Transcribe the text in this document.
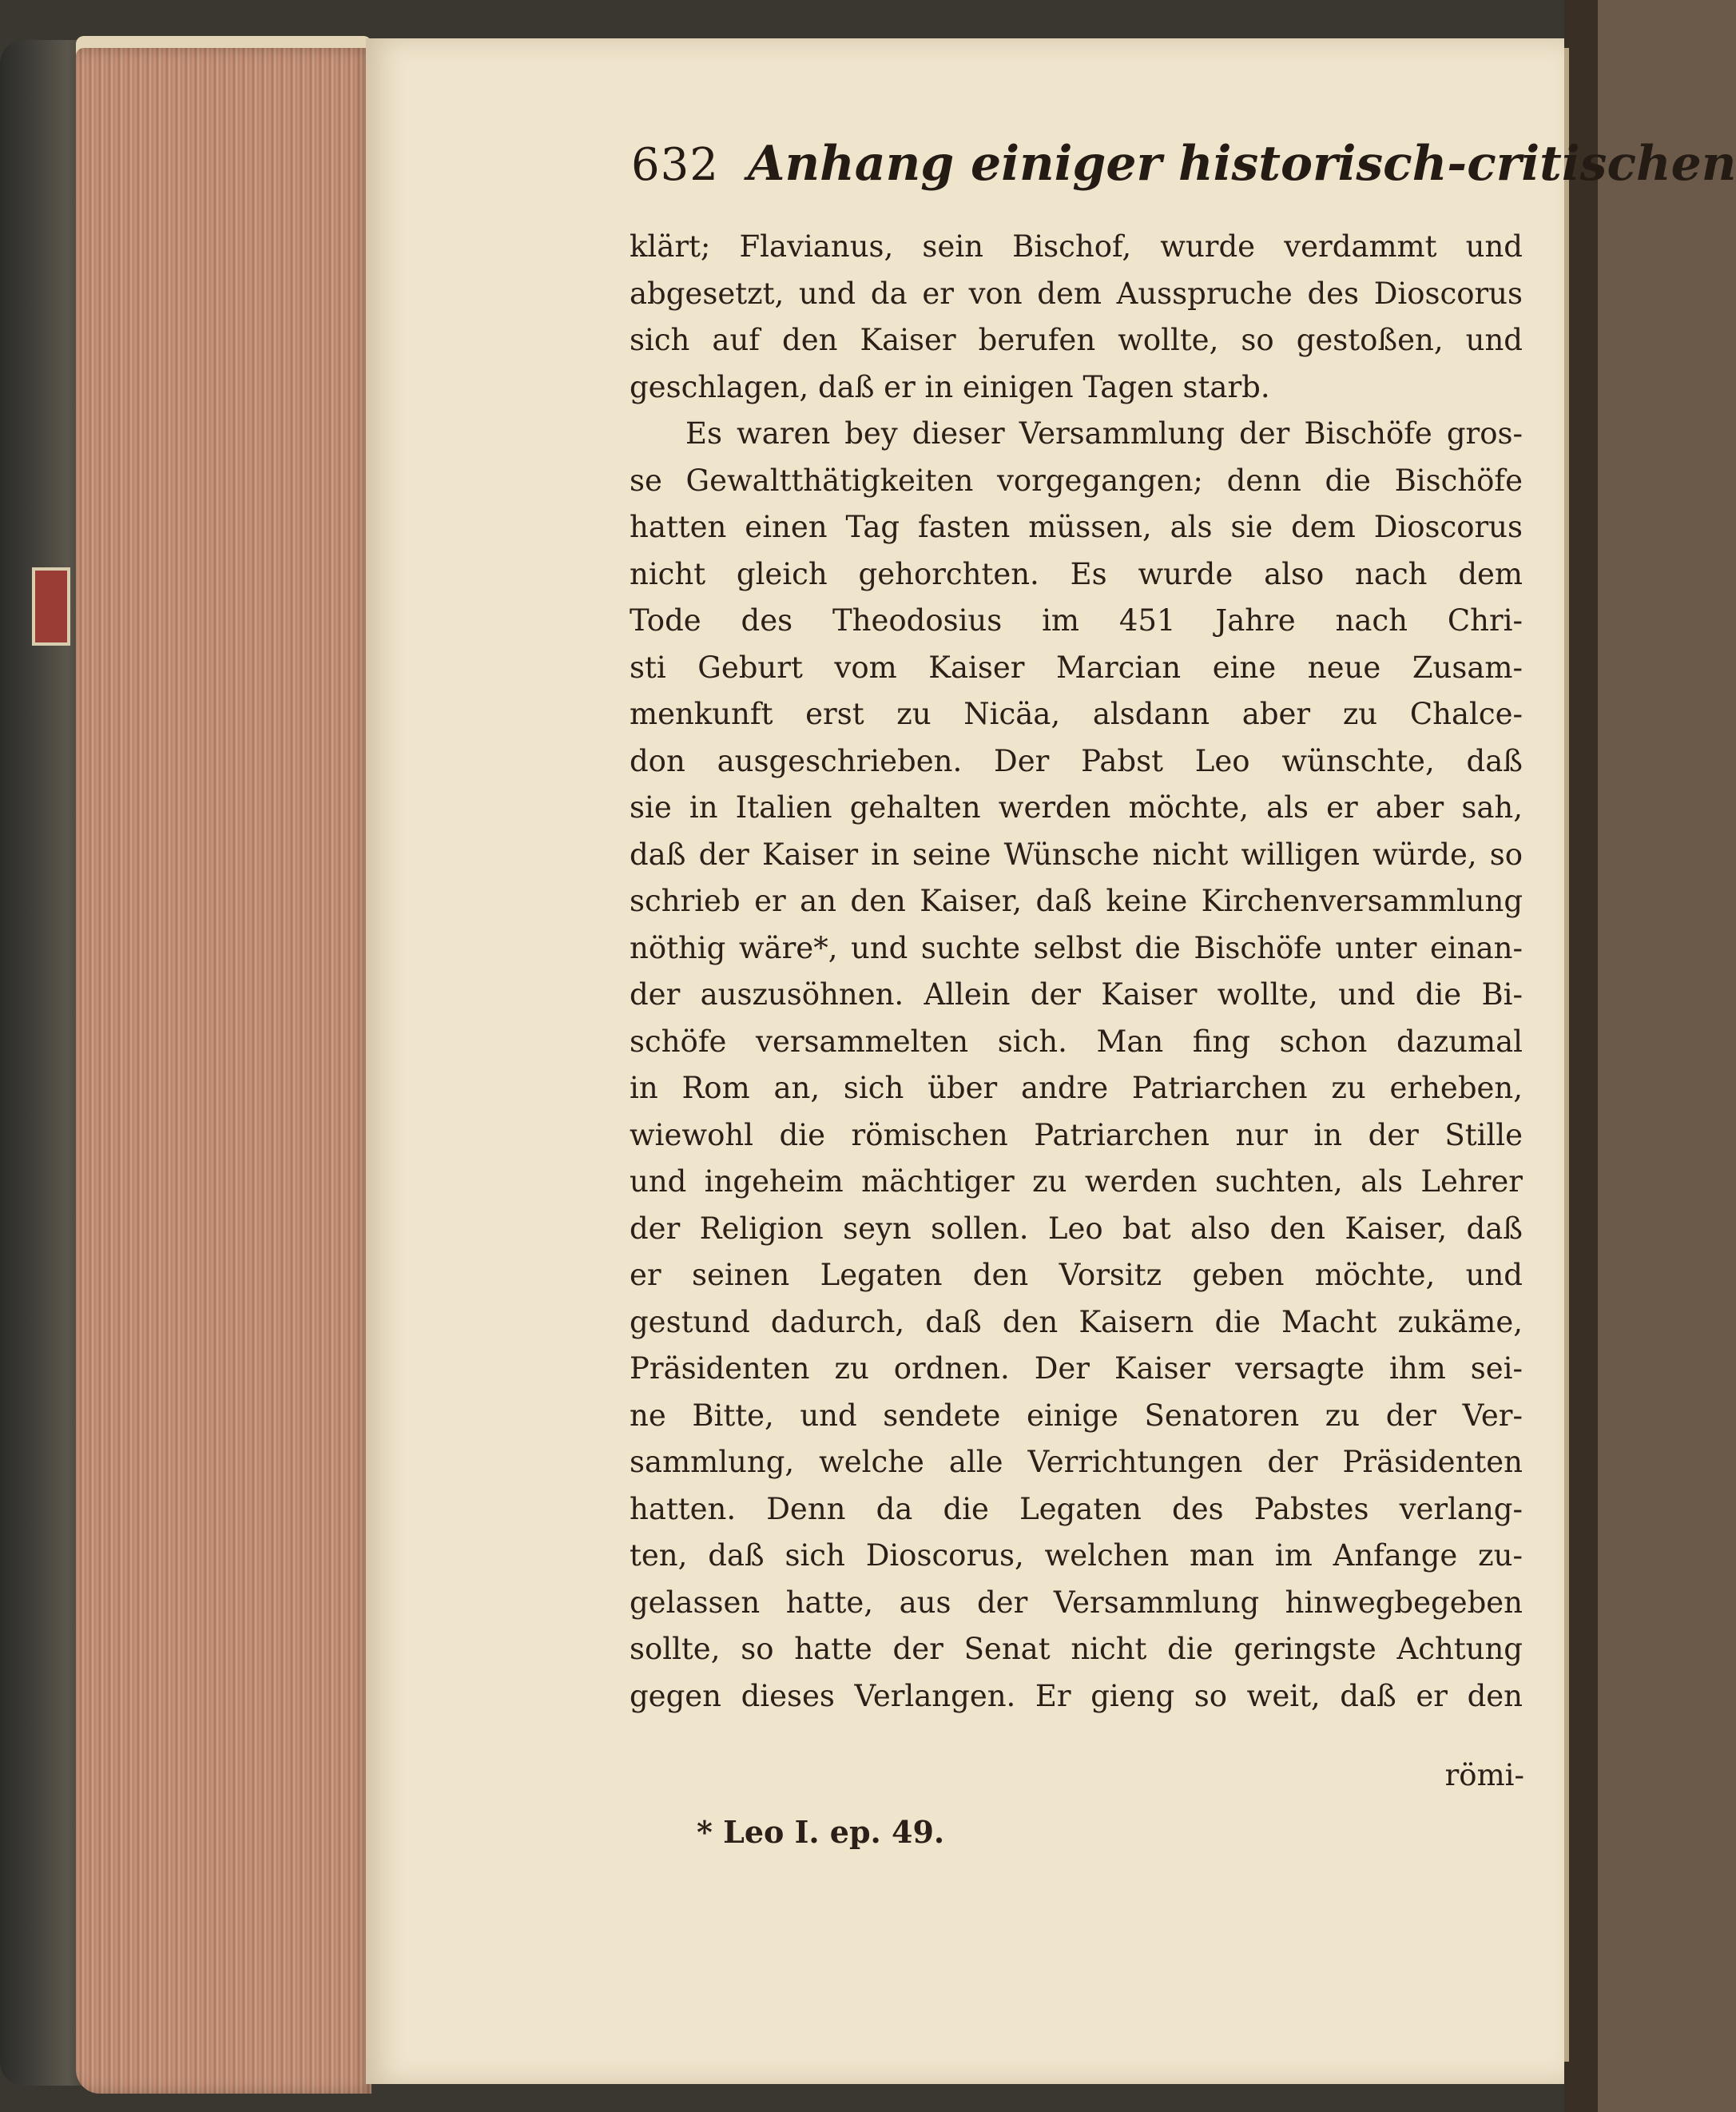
632 Anhang einiger historisch-critischen
klärt; Flavianus, sein Bischof, wurde verdammt und
abgesetzt, und da er von dem Ausspruche des Dioscorus
sich auf den Kaiser berufen wollte, so gestoßen, und
geschlagen, daß er in einigen Tagen starb.
Es waren bey dieser Versammlung der Bischöfe gros-
se Gewaltthätigkeiten vorgegangen; denn die Bischöfe
hatten einen Tag fasten müssen, als sie dem Dioscorus
nicht gleich gehorchten. Es wurde also nach dem
Tode des Theodosius im 451 Jahre nach Chri-
sti Geburt vom Kaiser Marcian eine neue Zusam-
menkunft erst zu Nicäa, alsdann aber zu Chalce-
don ausgeschrieben. Der Pabst Leo wünschte, daß
sie in Italien gehalten werden möchte, als er aber sah,
daß der Kaiser in seine Wünsche nicht willigen würde, so
schrieb er an den Kaiser, daß keine Kirchenversammlung
nöthig wäre*, und suchte selbst die Bischöfe unter einan-
der auszusöhnen. Allein der Kaiser wollte, und die Bi-
schöfe versammelten sich. Man fing schon dazumal
in Rom an, sich über andre Patriarchen zu erheben,
wiewohl die römischen Patriarchen nur in der Stille
und ingeheim mächtiger zu werden suchten, als Lehrer
der Religion seyn sollen. Leo bat also den Kaiser, daß
er seinen Legaten den Vorsitz geben möchte, und
gestund dadurch, daß den Kaisern die Macht zukäme,
Präsidenten zu ordnen. Der Kaiser versagte ihm sei-
ne Bitte, und sendete einige Senatoren zu der Ver-
sammlung, welche alle Verrichtungen der Präsidenten
hatten. Denn da die Legaten des Pabstes verlang-
ten, daß sich Dioscorus, welchen man im Anfange zu-
gelassen hatte, aus der Versammlung hinwegbegeben
sollte, so hatte der Senat nicht die geringste Achtung
gegen dieses Verlangen. Er gieng so weit, daß er den
römi-
* Leo I. ep. 49.
